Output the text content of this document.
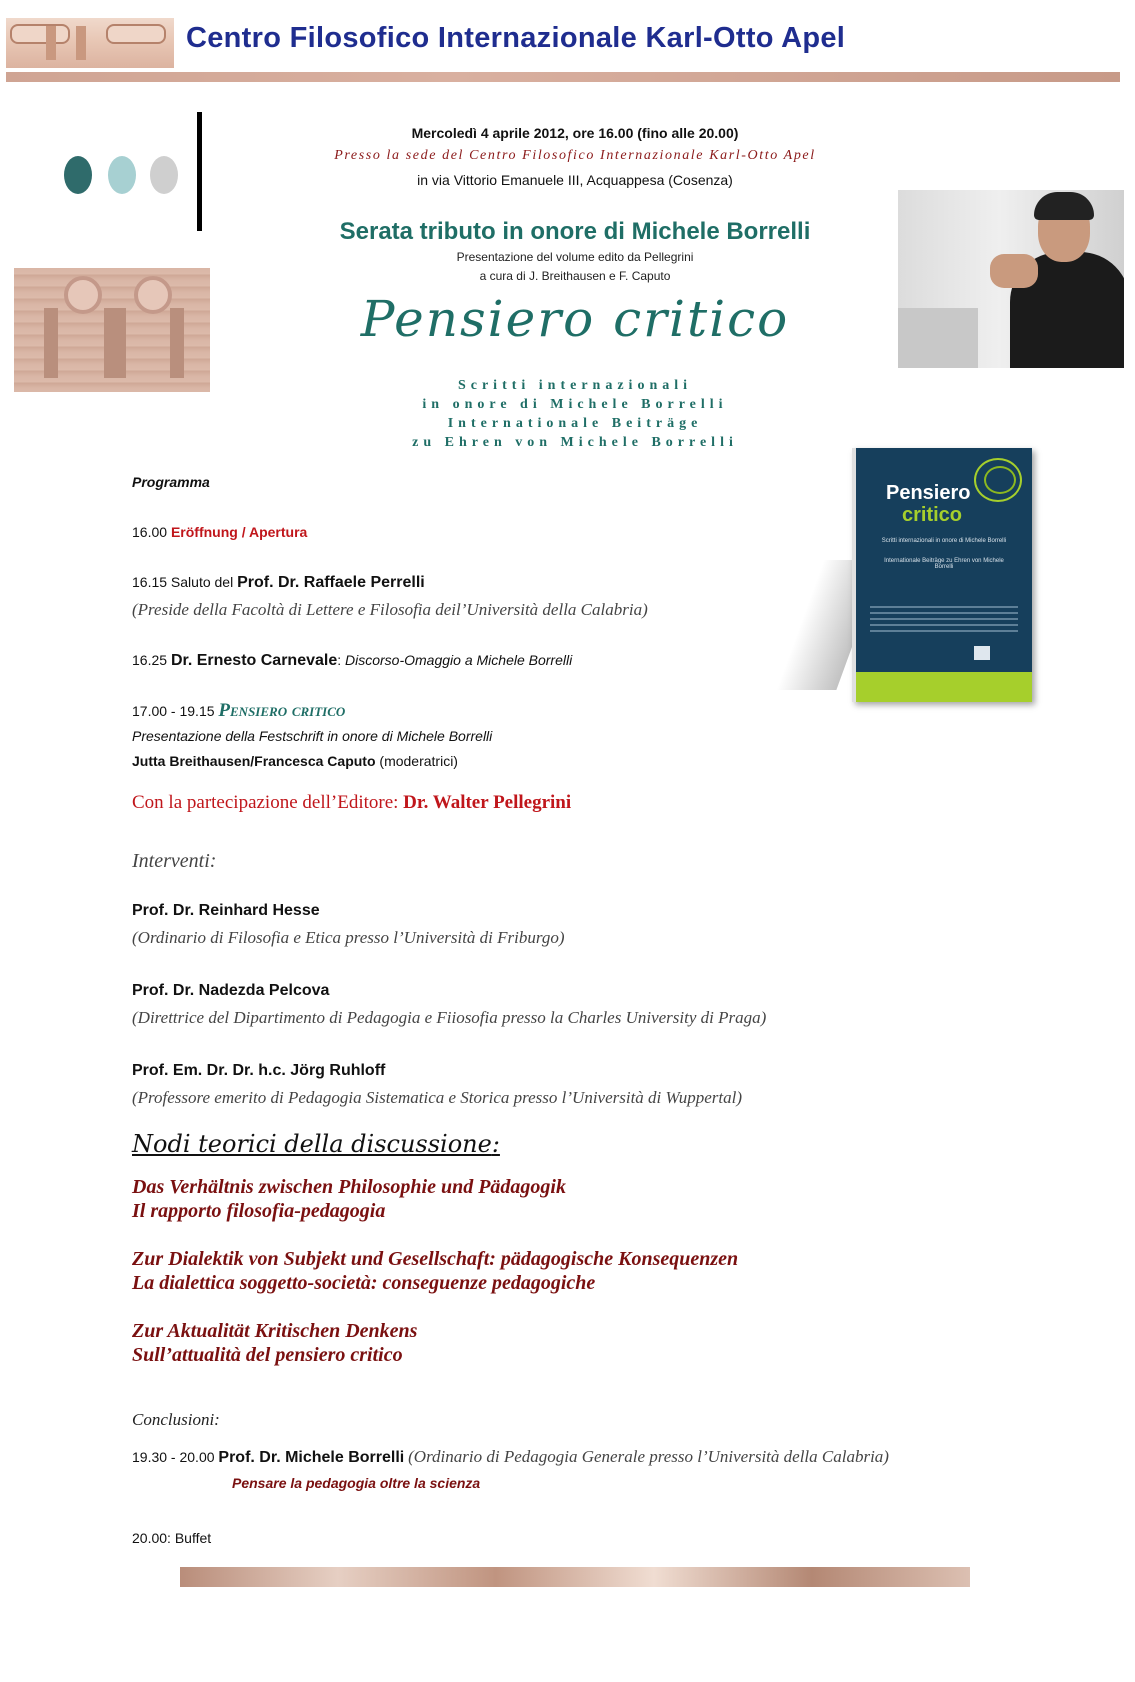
Centro Filosofico Internazionale Karl-Otto Apel
Mercoledì 4 aprile 2012, ore 16.00 (fino alle 20.00)
Presso la sede del Centro Filosofico Internazionale Karl-Otto Apel
in via Vittorio Emanuele III, Acquappesa (Cosenza)
Serata tributo in onore di Michele Borrelli
Presentazione del volume edito da Pellegrini
a cura di J. Breithausen e F. Caputo
Pensiero critico
Scritti internazionali
in onore di Michele Borrelli
Internationale Beiträge
zu Ehren von Michele Borrelli
Pensiero
critico
Scritti internazionali in onore di Michele Borrelli
Internationale Beiträge zu Ehren von Michele Borrelli
Programma
16.00 Eröffnung / Apertura
16.15 Saluto del Prof. Dr. Raffaele Perrelli
(Preside della Facoltà di Lettere e Filosofia deil’Università della Calabria)
16.25 Dr. Ernesto Carnevale: Discorso-Omaggio a Michele Borrelli
17.00 - 19.15 Pensiero critico
Presentazione della Festschrift in onore di Michele Borrelli
Jutta Breithausen/Francesca Caputo (moderatrici)
Con la partecipazione dell’Editore: Dr. Walter Pellegrini
Interventi:
Prof. Dr. Reinhard Hesse
(Ordinario di Filosofia e Etica presso l’Università di Friburgo)
Prof. Dr. Nadezda Pelcova
(Direttrice del Dipartimento di Pedagogia e Fiiosofia presso la Charles University di Praga)
Prof. Em. Dr. Dr. h.c. Jörg Ruhloff
(Professore emerito di Pedagogia Sistematica e Storica presso l’Università di Wuppertal)
Nodi teorici della discussione:
Das Verhältnis zwischen Philosophie und Pädagogik
Il rapporto filosofia-pedagogia
Zur Dialektik von Subjekt und Gesellschaft: pädagogische Konsequenzen
La dialettica soggetto-società: conseguenze pedagogiche
Zur Aktualität Kritischen Denkens
Sull’attualità del pensiero critico
Conclusioni:
19.30 - 20.00 Prof. Dr. Michele Borrelli (Ordinario di Pedagogia Generale presso l’Università della Calabria)
Pensare la pedagogia oltre la scienza
20.00: Buffet
